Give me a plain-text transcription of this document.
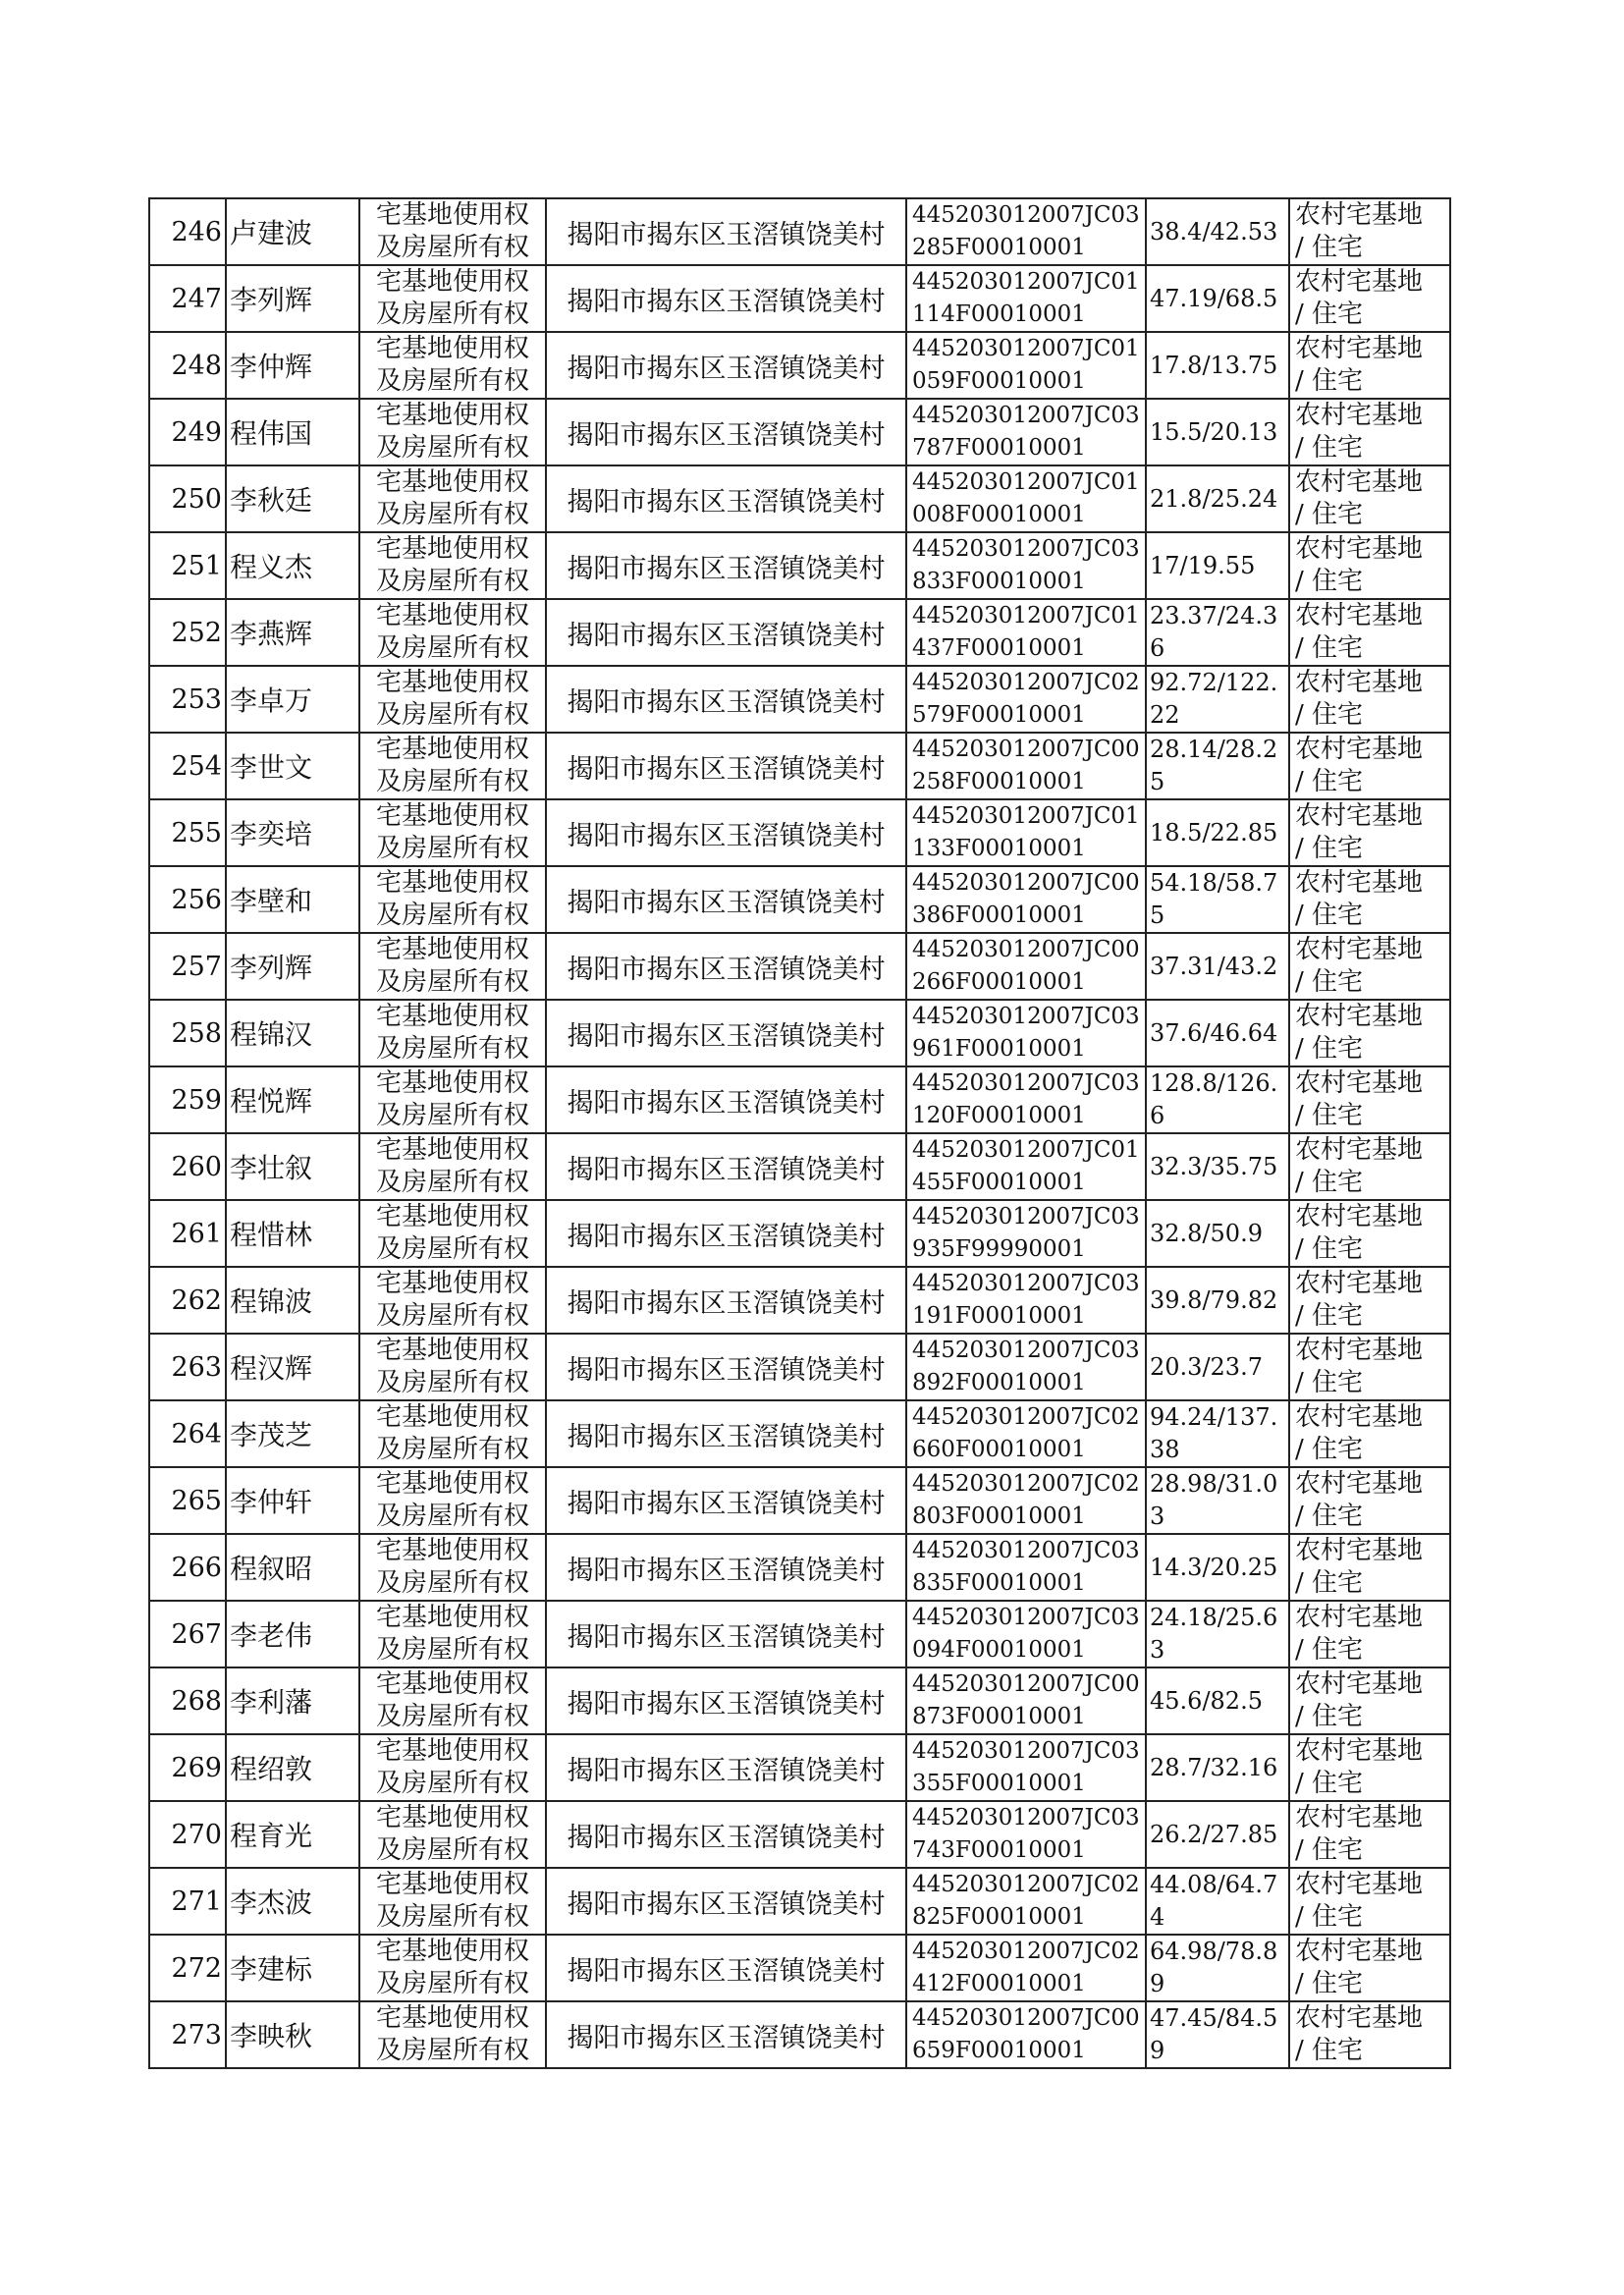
246	卢建波	宅基地使用权及房屋所有权	揭阳市揭东区玉滘镇饶美村	445203012007JC03285F00010001	38.4/42.53	农村宅基地 / 住宅

247	李列辉	宅基地使用权及房屋所有权	揭阳市揭东区玉滘镇饶美村	445203012007JC01114F00010001	47.19/68.5	农村宅基地 / 住宅

248	李仲辉	宅基地使用权及房屋所有权	揭阳市揭东区玉滘镇饶美村	445203012007JC01059F00010001	17.8/13.75	农村宅基地 / 住宅

249	程伟国	宅基地使用权及房屋所有权	揭阳市揭东区玉滘镇饶美村	445203012007JC03787F00010001	15.5/20.13	农村宅基地 / 住宅

250	李秋廷	宅基地使用权及房屋所有权	揭阳市揭东区玉滘镇饶美村	445203012007JC01008F00010001	21.8/25.24	农村宅基地 / 住宅

251	程义杰	宅基地使用权及房屋所有权	揭阳市揭东区玉滘镇饶美村	445203012007JC03833F00010001	17/19.55	农村宅基地 / 住宅

252	李燕辉	宅基地使用权及房屋所有权	揭阳市揭东区玉滘镇饶美村	445203012007JC01437F00010001	23.37/24.36	农村宅基地 / 住宅

253	李卓万	宅基地使用权及房屋所有权	揭阳市揭东区玉滘镇饶美村	445203012007JC02579F00010001	92.72/122.22	农村宅基地 / 住宅

254	李世文	宅基地使用权及房屋所有权	揭阳市揭东区玉滘镇饶美村	445203012007JC00258F00010001	28.14/28.25	农村宅基地 / 住宅

255	李奕培	宅基地使用权及房屋所有权	揭阳市揭东区玉滘镇饶美村	445203012007JC01133F00010001	18.5/22.85	农村宅基地 / 住宅

256	李壁和	宅基地使用权及房屋所有权	揭阳市揭东区玉滘镇饶美村	445203012007JC00386F00010001	54.18/58.75	农村宅基地 / 住宅

257	李列辉	宅基地使用权及房屋所有权	揭阳市揭东区玉滘镇饶美村	445203012007JC00266F00010001	37.31/43.2	农村宅基地 / 住宅

258	程锦汉	宅基地使用权及房屋所有权	揭阳市揭东区玉滘镇饶美村	445203012007JC03961F00010001	37.6/46.64	农村宅基地 / 住宅

259	程悦辉	宅基地使用权及房屋所有权	揭阳市揭东区玉滘镇饶美村	445203012007JC03120F00010001	128.8/126.6	农村宅基地 / 住宅

260	李壮叙	宅基地使用权及房屋所有权	揭阳市揭东区玉滘镇饶美村	445203012007JC01455F00010001	32.3/35.75	农村宅基地 / 住宅

261	程惜林	宅基地使用权及房屋所有权	揭阳市揭东区玉滘镇饶美村	445203012007JC03935F99990001	32.8/50.9	农村宅基地 / 住宅

262	程锦波	宅基地使用权及房屋所有权	揭阳市揭东区玉滘镇饶美村	445203012007JC03191F00010001	39.8/79.82	农村宅基地 / 住宅

263	程汉辉	宅基地使用权及房屋所有权	揭阳市揭东区玉滘镇饶美村	445203012007JC03892F00010001	20.3/23.7	农村宅基地 / 住宅

264	李茂芝	宅基地使用权及房屋所有权	揭阳市揭东区玉滘镇饶美村	445203012007JC02660F00010001	94.24/137.38	农村宅基地 / 住宅

265	李仲轩	宅基地使用权及房屋所有权	揭阳市揭东区玉滘镇饶美村	445203012007JC02803F00010001	28.98/31.03	农村宅基地 / 住宅

266	程叙昭	宅基地使用权及房屋所有权	揭阳市揭东区玉滘镇饶美村	445203012007JC03835F00010001	14.3/20.25	农村宅基地 / 住宅

267	李老伟	宅基地使用权及房屋所有权	揭阳市揭东区玉滘镇饶美村	445203012007JC03094F00010001	24.18/25.63	农村宅基地 / 住宅

268	李利藩	宅基地使用权及房屋所有权	揭阳市揭东区玉滘镇饶美村	445203012007JC00873F00010001	45.6/82.5	农村宅基地 / 住宅

269	程绍敦	宅基地使用权及房屋所有权	揭阳市揭东区玉滘镇饶美村	445203012007JC03355F00010001	28.7/32.16	农村宅基地 / 住宅

270	程育光	宅基地使用权及房屋所有权	揭阳市揭东区玉滘镇饶美村	445203012007JC03743F00010001	26.2/27.85	农村宅基地 / 住宅

271	李杰波	宅基地使用权及房屋所有权	揭阳市揭东区玉滘镇饶美村	445203012007JC02825F00010001	44.08/64.74	农村宅基地 / 住宅

272	李建标	宅基地使用权及房屋所有权	揭阳市揭东区玉滘镇饶美村	445203012007JC02412F00010001	64.98/78.89	农村宅基地 / 住宅

273	李映秋	宅基地使用权及房屋所有权	揭阳市揭东区玉滘镇饶美村	445203012007JC00659F00010001	47.45/84.59	农村宅基地 / 住宅
